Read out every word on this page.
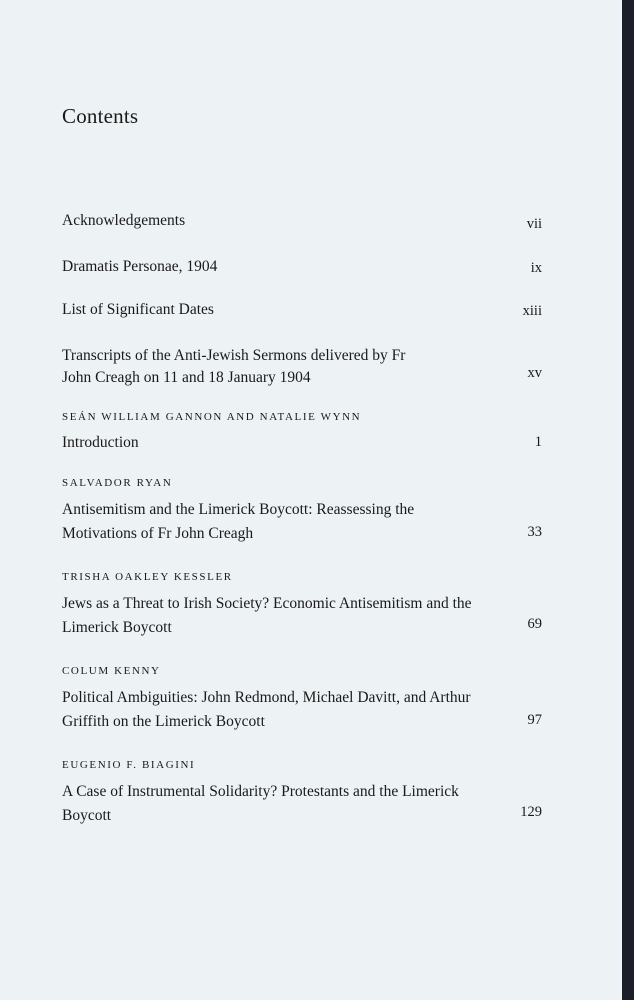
Contents
Acknowledgements	vii
Dramatis Personae, 1904	ix
List of Significant Dates	xiii
Transcripts of the Anti-Jewish Sermons delivered by Fr John Creagh on 11 and 18 January 1904	xv
SEÁN WILLIAM GANNON AND NATALIE WYNN
Introduction	1
SALVADOR RYAN
Antisemitism and the Limerick Boycott: Reassessing the Motivations of Fr John Creagh	33
TRISHA OAKLEY KESSLER
Jews as a Threat to Irish Society? Economic Antisemitism and the Limerick Boycott	69
COLUM KENNY
Political Ambiguities: John Redmond, Michael Davitt, and Arthur Griffith on the Limerick Boycott	97
EUGENIO F. BIAGINI
A Case of Instrumental Solidarity? Protestants and the Limerick Boycott	129
